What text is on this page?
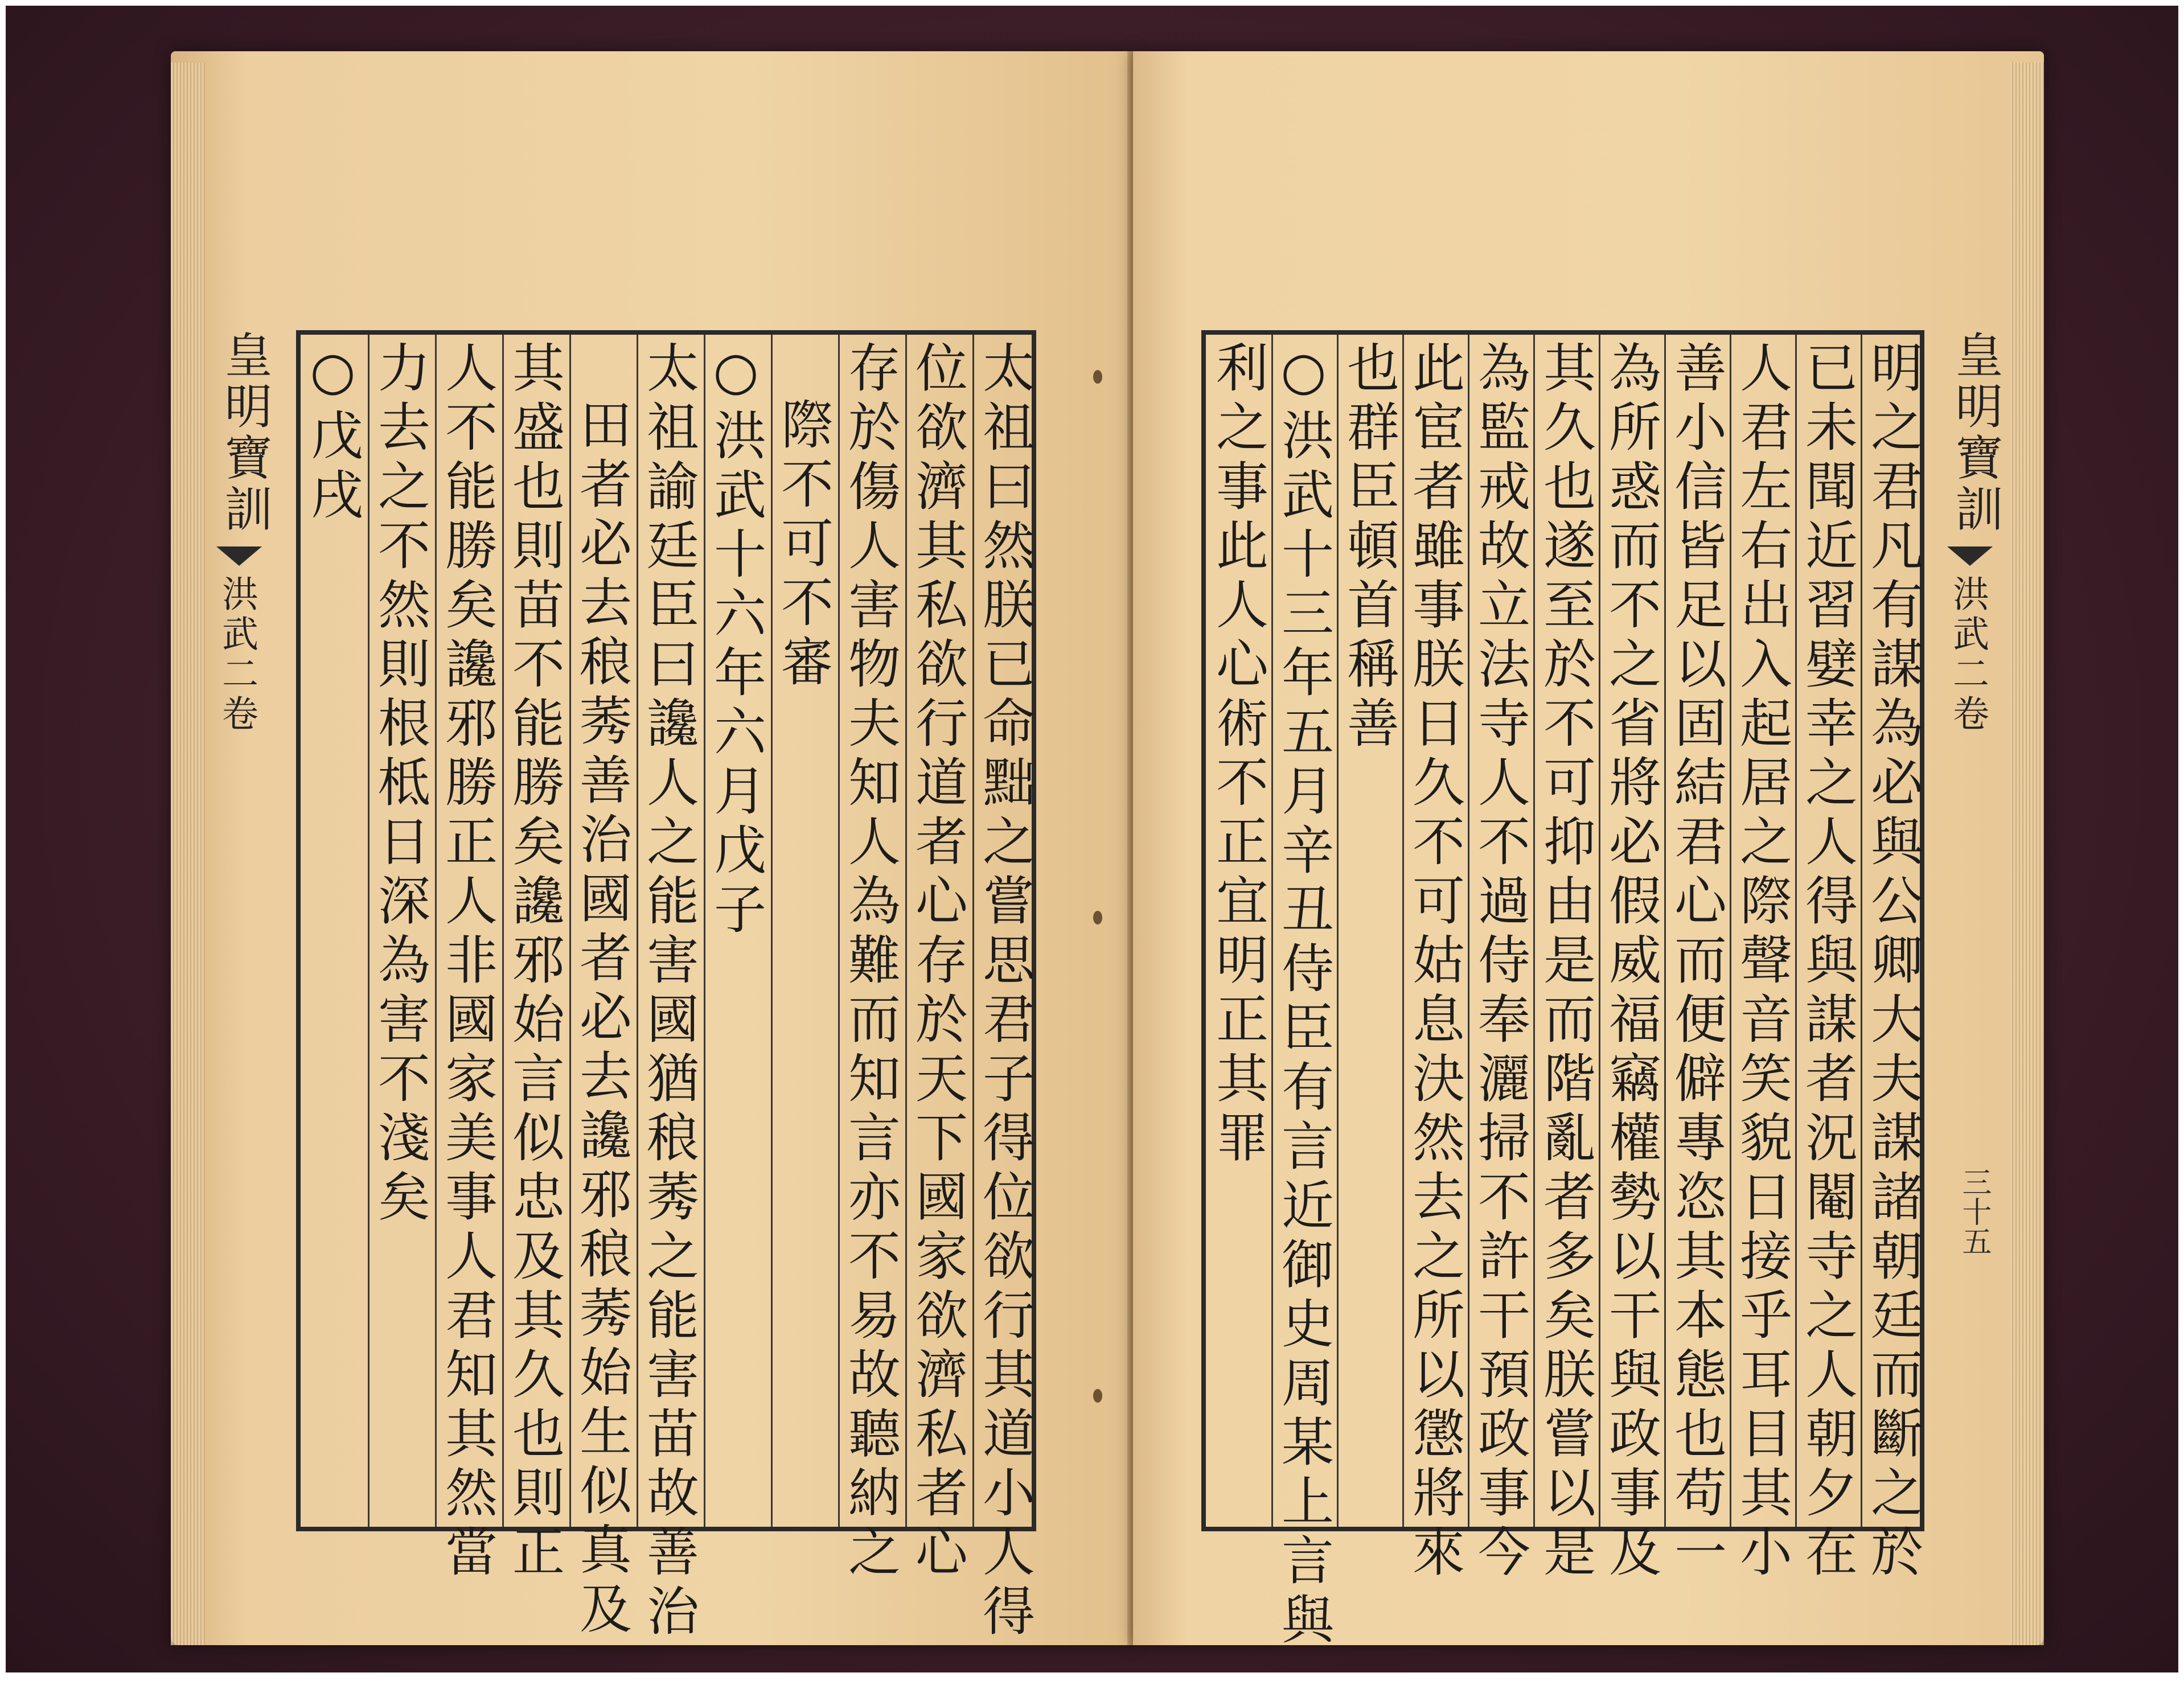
皇明寶訓
洪武二卷	太祖曰然朕已命黜之嘗思君子得位欲行其道小人得
位欲濟其私欲行道者心存於天下國家欲濟私者心
存於傷人害物夫知人為難而知言亦不易故聽納之
際不可不審
○洪武十六年六月戊子
太祖諭廷臣曰讒人之能害國猶稂莠之能害苗故善治
田者必去稂莠善治國者必去讒邪稂莠始生似真及
其盛也則苗不能勝矣讒邪始言似忠及其久也則正
人不能勝矣讒邪勝正人非國家美事人君知其然當
力去之不然則根柢日深為害不淺矣
○戊戌	明之君凡有謀為必與公卿大夫謀諸朝廷而斷之於
已未聞近習嬖幸之人得與謀者況閹寺之人朝夕在
人君左右出入起居之際聲音笑貌日接乎耳目其小
善小信皆足以固結君心而便僻專恣其本態也苟一
為所惑而不之省將必假威福竊權勢以干與政事及
其久也遂至於不可抑由是而階亂者多矣朕嘗以是
為監戒故立法寺人不過侍奉灑掃不許干預政事今
此宦者雖事朕日久不可姑息決然去之所以懲將來
也群臣頓首稱善
○洪武十三年五月辛丑侍臣有言近御史周某上言與
利之事此人心術不正宜明正其罪	皇明寶訓
洪武二卷
三十五
